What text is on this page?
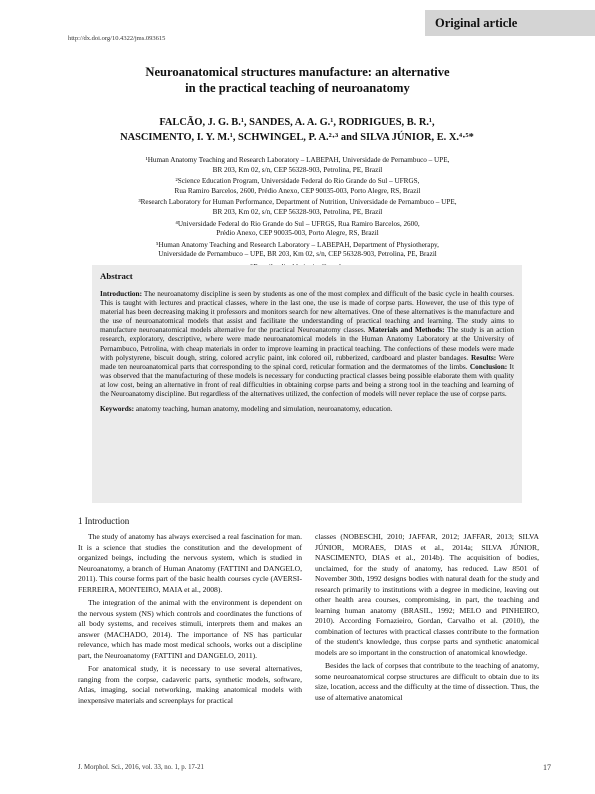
Original article
http://dx.doi.org/10.4322/jms.093615
Neuroanatomical structures manufacture: an alternative
in the practical teaching of neuroanatomy
FALCÃO, J. G. B.¹, SANDES, A. A. G.¹, RODRIGUES, B. R.¹,
NASCIMENTO, I. Y. M.¹, SCHWINGEL, P. A.²·³ and SILVA JÚNIOR, E. X.⁴·⁵*
¹Human Anatomy Teaching and Research Laboratory – LABEPAH, Universidade de Pernambuco – UPE,
BR 203, Km 02, s/n, CEP 56328-903, Petrolina, PE, Brazil
²Science Education Program, Universidade Federal do Rio Grande do Sul – UFRGS,
Rua Ramiro Barcelos, 2600, Prédio Anexo, CEP 90035-003, Porto Alegre, RS, Brazil
³Research Laboratory for Human Performance, Department of Nutrition, Universidade de Pernambuco – UPE,
BR 203, Km 02, s/n, CEP 56328-903, Petrolina, PE, Brazil
⁴Universidade Federal do Rio Grande do Sul – UFRGS, Rua Ramiro Barcelos, 2600,
Prédio Anexo, CEP 90035-003, Porto Alegre, RS, Brazil
⁵Human Anatomy Teaching and Research Laboratory – LABEPAH, Department of Physiotherapy,
Universidade de Pernambuco – UPE, BR 203, Km 02, s/n, CEP 56328-903, Petrolina, PE, Brazil
Abstract
Introduction: The neuroanatomy discipline is seen by students as one of the most complex and difficult of the basic cycle in health courses. This is taught with lectures and practical classes, where in the last one, the use is made of corpse parts. However, the use of this type of material has been decreasing making it professors and monitors search for new alternatives. One of these alternatives is the manufacture and the use of neuroanatomical models that assist and facilitate the understanding of practical teaching and learning. The study aims to manufacture neuroanatomical models alternative for the practical Neuroanatomy classes. Materials and Methods: The study is an action research, exploratory, descriptive, where were made neuroanatomical models in the Human Anatomy Laboratory at the University of Pernambuco, Petrolina, with cheap materials in order to improve learning in practical teaching. The confections of these models were made with polystyrene, biscuit dough, string, colored acrylic paint, ink colored oil, rubberized, cardboard and plaster bandages. Results: Were made ten neuroanatomical parts that corresponding to the spinal cord, reticular formation and the dermatomes of the limbs. Conclusion: It was observed that the manufacturing of these models is necessary for conducting practical classes being possible elaborate them with quality at low cost, being an alternative in front of real difficulties in obtaining corpse parts and being a strong tool in the teaching and learning of the Neuroanatomy discipline. But regardless of the alternatives utilized, the confection of models will never replace the use of corpse parts.
Keywords: anatomy teaching, human anatomy, modeling and simulation, neuroanatomy, education.
1 Introduction

The study of anatomy has always exercised a real fascination for man. It is a science that studies the constitution and the development of organized beings, including the nervous system, which is studied in Neuroanatomy, a branch of Human Anatomy (FATTINI and DANGELO, 2011). This course forms part of the basic health courses cycle (AVERSI-FERREIRA, MONTEIRO, MAIA et al., 2008).

The integration of the animal with the environment is dependent on the nervous system (NS) which controls and coordinates the functions of all body systems, and receives stimuli, interprets them and makes an answer (MACHADO, 2014). The importance of NS has particular relevance, which has made most medical schools, works out a discipline part, the Neuroanatomy (FATTINI and DANGELO, 2011).

For anatomical study, it is necessary to use several alternatives, ranging from the corpse, cadaveric parts, synthetic models, software, Atlas, imaging, social networking, making anatomical models with inexpensive materials and screenplays for practical

classes (NOBESCHI, 2010; JAFFAR, 2012; JAFFAR, 2013; SILVA JÚNIOR, MORAES, DIAS et al., 2014a; SILVA JÚNIOR, NASCIMENTO, DIAS et al., 2014b). The acquisition of bodies, unclaimed, for the study of anatomy, has reduced. Law 8501 of November 30th, 1992 designs bodies with natural death for the study and research primarily to institutions with a degree in medicine, leaving out other health area courses, compromising, in part, the teaching and learning human anatomy (BRASIL, 1992; MELO and PINHEIRO, 2010). According Fornazieiro, Gordan, Carvalho et al. (2010), the combination of lectures with practical classes contribute to the formation of the student's knowledge, thus corpse parts and synthetic anatomical models are so important in the construction of anatomical knowledge.

Besides the lack of corpses that contribute to the teaching of anatomy, some neuroanatomical corpse structures are difficult to obtain due to its size, location, access and the difficulty at the time of dissection. Thus, the use of alternative anatomical

J. Morphol. Sci., 2016, vol. 33, no. 1, p. 17-21	17
